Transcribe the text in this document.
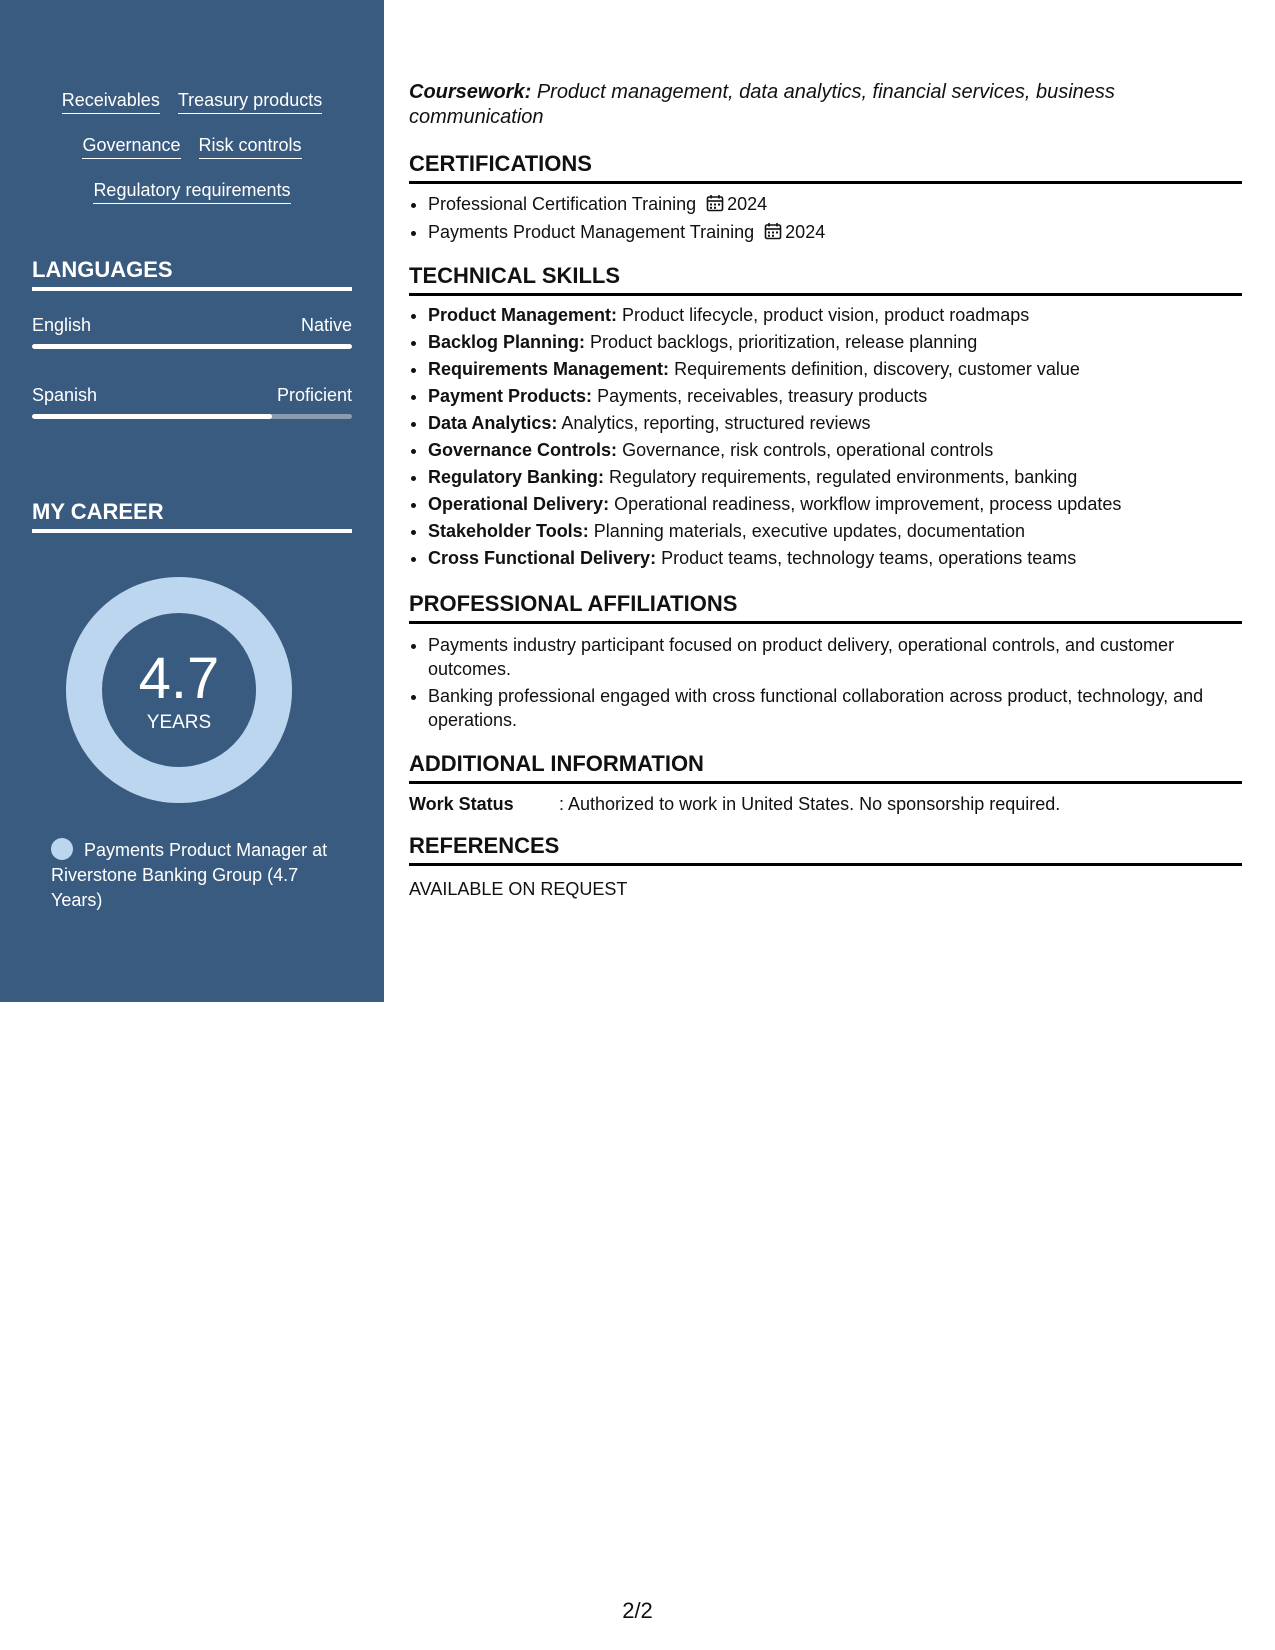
Receivables Treasury products
Governance Risk controls
Regulatory requirements
LANGUAGES
English	Native
Spanish	Proficient
MY CAREER
4.7
YEARS
Payments Product Manager at Riverstone Banking Group (4.7 Years)
Coursework: Product management, data analytics, financial services, business communication
CERTIFICATIONS
• Professional Certification Training 2024
• Payments Product Management Training 2024
TECHNICAL SKILLS
• Product Management: Product lifecycle, product vision, product roadmaps
• Backlog Planning: Product backlogs, prioritization, release planning
• Requirements Management: Requirements definition, discovery, customer value
• Payment Products: Payments, receivables, treasury products
• Data Analytics: Analytics, reporting, structured reviews
• Governance Controls: Governance, risk controls, operational controls
• Regulatory Banking: Regulatory requirements, regulated environments, banking
• Operational Delivery: Operational readiness, workflow improvement, process updates
• Stakeholder Tools: Planning materials, executive updates, documentation
• Cross Functional Delivery: Product teams, technology teams, operations teams
PROFESSIONAL AFFILIATIONS
• Payments industry participant focused on product delivery, operational controls, and customer outcomes.
• Banking professional engaged with cross functional collaboration across product, technology, and operations.
ADDITIONAL INFORMATION
Work Status	: Authorized to work in United States. No sponsorship required.
REFERENCES
AVAILABLE ON REQUEST
2/2
